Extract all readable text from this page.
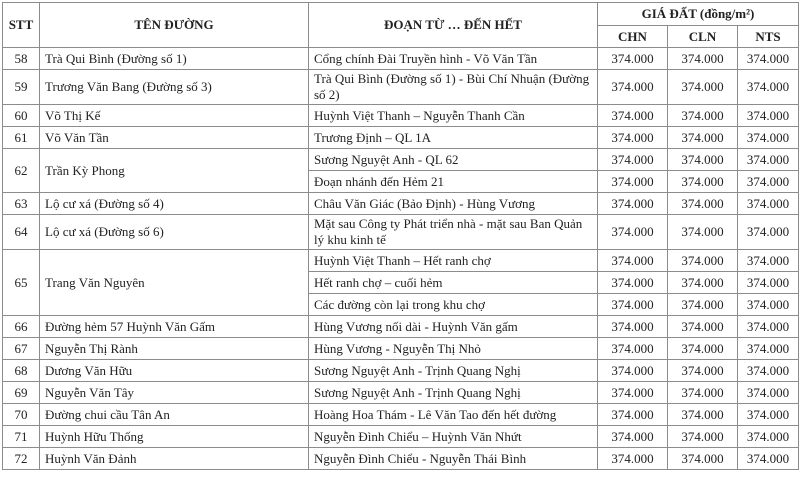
STT	TÊN ĐƯỜNG	ĐOẠN TỪ … ĐẾN HẾT	GIÁ ĐẤT (đồng/m²)		
			CHN	CLN	NTS
58	Trà Qui Bình (Đường số 1)	Cổng chính Đài Truyền hình - Võ Văn Tần	374.000	374.000	374.000
59	Trương Văn Bang (Đường số 3)	Trà Qui Bình (Đường số 1) - Bùi Chí Nhuận (Đường số 2)	374.000	374.000	374.000
60	Võ Thị Kế	Huỳnh Việt Thanh – Nguyễn Thanh Cần	374.000	374.000	374.000
61	Võ Văn Tần	Trương Định – QL 1A	374.000	374.000	374.000
62	Trần Kỳ Phong	Sương Nguyệt Anh - QL 62	374.000	374.000	374.000
		Đoạn nhánh đến Hẻm 21	374.000	374.000	374.000
63	Lộ cư xá (Đường số 4)	Châu Văn Giác (Bảo Định) - Hùng Vương	374.000	374.000	374.000
64	Lộ cư xá (Đường số 6)	Mặt sau Công ty Phát triển nhà - mặt sau Ban Quản lý khu kinh tế	374.000	374.000	374.000
65	Trang Văn Nguyên	Huỳnh Việt Thanh – Hết ranh chợ	374.000	374.000	374.000
		Hết ranh chợ – cuối hẻm	374.000	374.000	374.000
		Các đường còn lại trong khu chợ	374.000	374.000	374.000
66	Đường hẻm 57 Huỳnh Văn Gấm	Hùng Vương nối dài - Huỳnh Văn gấm	374.000	374.000	374.000
67	Nguyễn Thị Rành	Hùng Vương - Nguyễn Thị Nhỏ	374.000	374.000	374.000
68	Dương Văn Hữu	Sương Nguyệt Anh - Trịnh Quang Nghị	374.000	374.000	374.000
69	Nguyễn Văn Tây	Sương Nguyệt Anh - Trịnh Quang Nghị	374.000	374.000	374.000
70	Đường chui cầu Tân An	Hoàng Hoa Thám - Lê Văn Tao đến hết đường	374.000	374.000	374.000
71	Huỳnh Hữu Thống	Nguyễn Đình Chiểu – Huỳnh Văn Nhứt	374.000	374.000	374.000
72	Huỳnh Văn Đảnh	Nguyễn Đình Chiểu - Nguyễn Thái Bình	374.000	374.000	374.000
